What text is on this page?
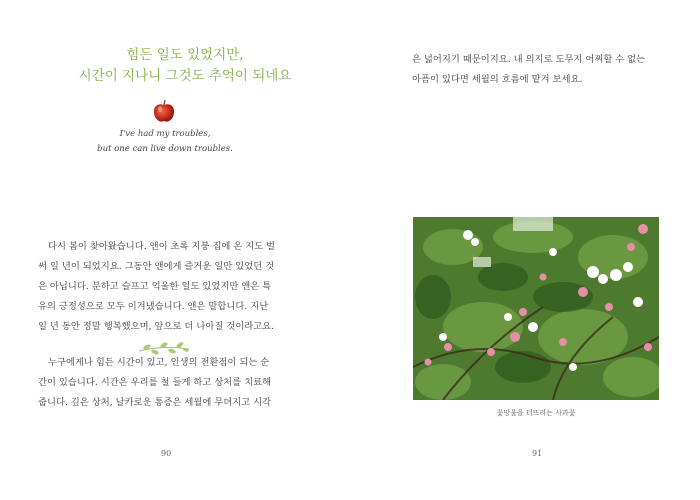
힘든 일도 있었지만,
시간이 지나니 그것도 추억이 되네요
I've had my troubles,
but one can live down troubles.
다시 봄이 찾아왔습니다. 앤이 초록 지붕 집에 온 지도 벌
써 일 년이 되었지요. 그동안 앤에게 즐거운 일만 있었던 것
은 아닙니다. 분하고 슬프고 억울한 일도 있었지만 앤은 특
유의 긍정성으로 모두 이겨냈습니다. 앤은 말합니다. 지난
일 년 동안 정말 행복했으며, 앞으로 더 나아질 것이라고요.
누구에게나 힘든 시간이 있고, 인생의 전환점이 되는 순
간이 있습니다. 시간은 우리를 철 들게 하고 상처를 치료해
줍니다. 깊은 상처, 날카로운 통증은 세월에 무뎌지고 시각
90
은 넓어지기 때문이지요. 내 의지로 도무지 어찌할 수 없는
아픔이 있다면 세월의 흐름에 맡겨 보세요.
91
꽃망울을 터뜨리는 사과꽃
